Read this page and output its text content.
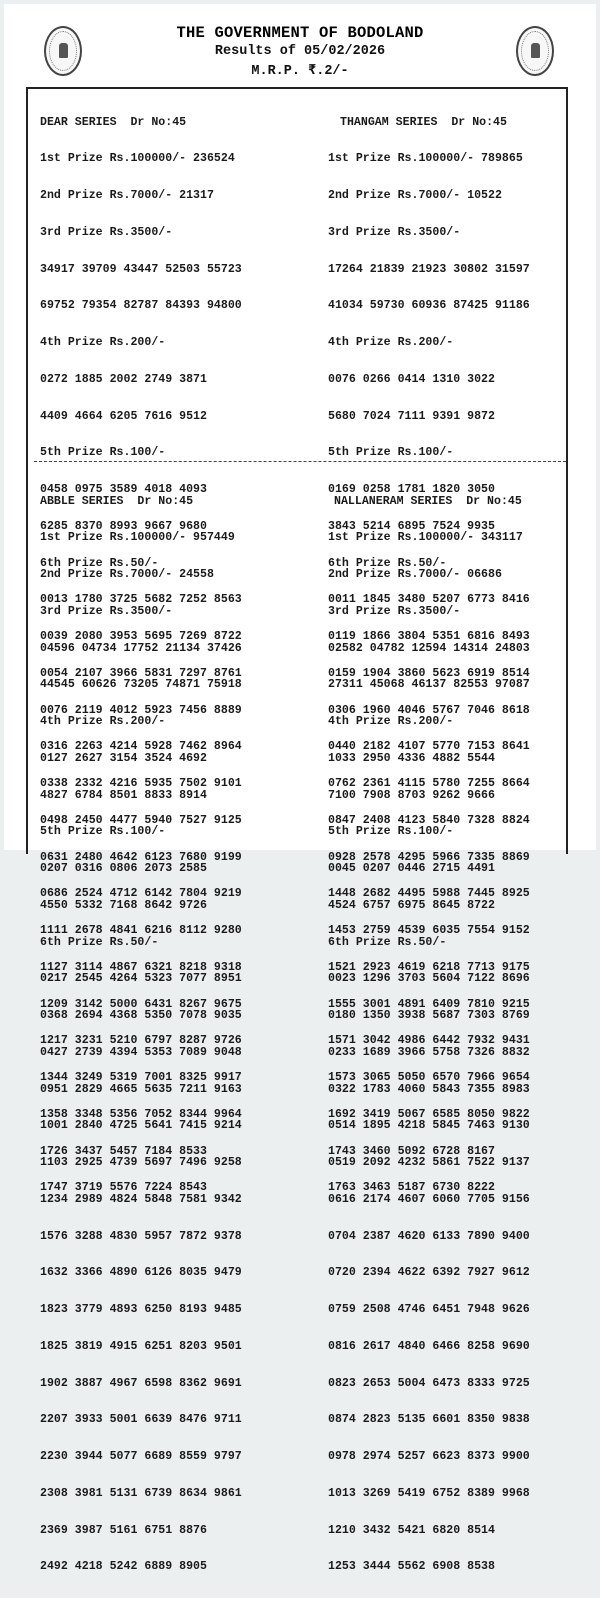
THE GOVERNMENT OF BODOLAND
Results of 05/02/2026
M.R.P. ₹.2/-

DEAR SERIES  Dr No:45

1st Prize Rs.100000/- 236524

2nd Prize Rs.7000/- 21317

3rd Prize Rs.3500/-

34917 39709 43447 52503 55723

69752 79354 82787 84393 94800

4th Prize Rs.200/-

0272 1885 2002 2749 3871

4409 4664 6205 7616 9512

5th Prize Rs.100/-

0458 0975 3589 4018 4093

6285 8370 8993 9667 9680

6th Prize Rs.50/-

0013 1780 3725 5682 7252 8563

0039 2080 3953 5695 7269 8722

0054 2107 3966 5831 7297 8761

0076 2119 4012 5923 7456 8889

0316 2263 4214 5928 7462 8964

0338 2332 4216 5935 7502 9101

0498 2450 4477 5940 7527 9125

0631 2480 4642 6123 7680 9199

0686 2524 4712 6142 7804 9219

1111 2678 4841 6216 8112 9280

1127 3114 4867 6321 8218 9318

1209 3142 5000 6431 8267 9675

1217 3231 5210 6797 8287 9726

1344 3249 5319 7001 8325 9917

1358 3348 5356 7052 8344 9964

1726 3437 5457 7184 8533

1747 3719 5576 7224 8543

THANGAM SERIES  Dr No:45

1st Prize Rs.100000/- 789865

2nd Prize Rs.7000/- 10522

3rd Prize Rs.3500/-

17264 21839 21923 30802 31597

41034 59730 60936 87425 91186

4th Prize Rs.200/-

0076 0266 0414 1310 3022

5680 7024 7111 9391 9872

5th Prize Rs.100/-

0169 0258 1781 1820 3050

3843 5214 6895 7524 9935

6th Prize Rs.50/-

0011 1845 3480 5207 6773 8416

0119 1866 3804 5351 6816 8493

0159 1904 3860 5623 6919 8514

0306 1960 4046 5767 7046 8618

0440 2182 4107 5770 7153 8641

0762 2361 4115 5780 7255 8664

0847 2408 4123 5840 7328 8824

0928 2578 4295 5966 7335 8869

1448 2682 4495 5988 7445 8925

1453 2759 4539 6035 7554 9152

1521 2923 4619 6218 7713 9175

1555 3001 4891 6409 7810 9215

1571 3042 4986 6442 7932 9431

1573 3065 5050 6570 7966 9654

1692 3419 5067 6585 8050 9822

1743 3460 5092 6728 8167

1763 3463 5187 6730 8222

ABBLE SERIES  Dr No:45

1st Prize Rs.100000/- 957449

2nd Prize Rs.7000/- 24558

3rd Prize Rs.3500/-

04596 04734 17752 21134 37426

44545 60626 73205 74871 75918

4th Prize Rs.200/-

0127 2627 3154 3524 4692

4827 6784 8501 8833 8914

5th Prize Rs.100/-

0207 0316 0806 2073 2585

4550 5332 7168 8642 9726

6th Prize Rs.50/-

0217 2545 4264 5323 7077 8951

0368 2694 4368 5350 7078 9035

0427 2739 4394 5353 7089 9048

0951 2829 4665 5635 7211 9163

1001 2840 4725 5641 7415 9214

1103 2925 4739 5697 7496 9258

1234 2989 4824 5848 7581 9342

1576 3288 4830 5957 7872 9378

1632 3366 4890 6126 8035 9479

1823 3779 4893 6250 8193 9485

1825 3819 4915 6251 8203 9501

1902 3887 4967 6598 8362 9691

2207 3933 5001 6639 8476 9711

2230 3944 5077 6689 8559 9797

2308 3981 5131 6739 8634 9861

2369 3987 5161 6751 8876

2492 4218 5242 6889 8905

NALLANERAM SERIES  Dr No:45

1st Prize Rs.100000/- 343117

2nd Prize Rs.7000/- 06686

3rd Prize Rs.3500/-

02582 04782 12594 14314 24803

27311 45068 46137 82553 97087

4th Prize Rs.200/-

1033 2950 4336 4882 5544

7100 7908 8703 9262 9666

5th Prize Rs.100/-

0045 0207 0446 2715 4491

4524 6757 6975 8645 8722

6th Prize Rs.50/-

0023 1296 3703 5604 7122 8696

0180 1350 3938 5687 7303 8769

0233 1689 3966 5758 7326 8832

0322 1783 4060 5843 7355 8983

0514 1895 4218 5845 7463 9130

0519 2092 4232 5861 7522 9137

0616 2174 4607 6060 7705 9156

0704 2387 4620 6133 7890 9400

0720 2394 4622 6392 7927 9612

0759 2508 4746 6451 7948 9626

0816 2617 4840 6466 8258 9690

0823 2653 5004 6473 8333 9725

0874 2823 5135 6601 8350 9838

0978 2974 5257 6623 8373 9900

1013 3269 5419 6752 8389 9968

1210 3432 5421 6820 8514

1253 3444 5562 6908 8538
